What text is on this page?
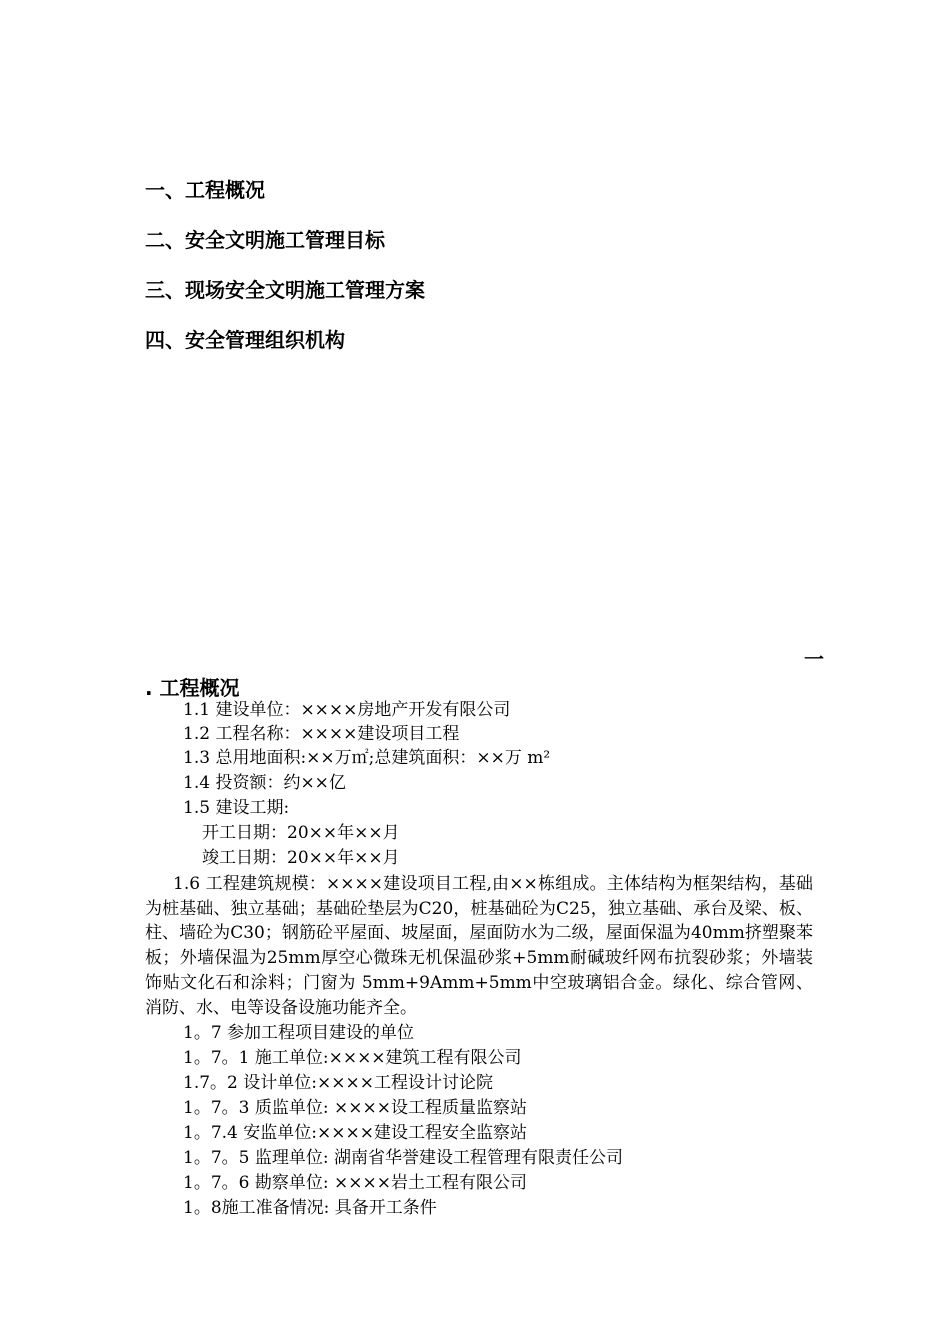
一、工程概况
二、安全文明施工管理目标
三、现场安全文明施工管理方案
四、安全管理组织机构
一
. 工程概况
1.1 建设单位：××××房地产开发有限公司
1.2 工程名称：××××建设项目工程
1.3 总用地面积:××万㎡;总建筑面积：××万 m²
1.4 投资额：约××亿
1.5 建设工期:
开工日期：20××年××月
竣工日期：20××年××月
1.6 工程建筑规模：××××建设项目工程,由××栋组成。主体结构为框架结构，基础为桩基础、独立基础；基础砼垫层为C20，桩基础砼为C25，独立基础、承台及梁、板、柱、墙砼为C30；钢筋砼平屋面、坡屋面，屋面防水为二级，屋面保温为40mm挤塑聚苯板；外墙保温为25mm厚空心微珠无机保温砂浆+5mm耐碱玻纤网布抗裂砂浆；外墙装饰贴文化石和涂料；门窗为 5mm+9Amm+5mm中空玻璃铝合金。绿化、综合管网、消防、水、电等设备设施功能齐全。
1。7 参加工程项目建设的单位
1。7。1 施工单位:××××建筑工程有限公司
1.7。2 设计单位:××××工程设计讨论院
1。7。3 质监单位: ××××设工程质量监察站
1。7.4 安监单位:××××建设工程安全监察站
1。7。5 监理单位: 湖南省华誉建设工程管理有限责任公司
1。7。6 勘察单位: ××××岩土工程有限公司
1。8施工准备情况: 具备开工条件
